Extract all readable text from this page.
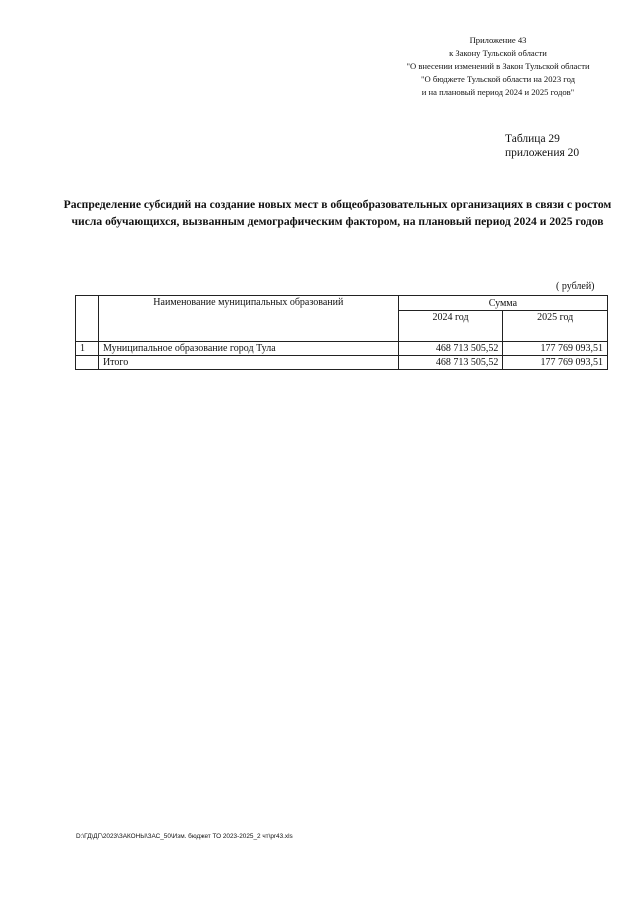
Приложение 43
к Закону Тульской области
"О внесении изменений в Закон Тульской области
"О бюджете Тульской области на 2023 год
и на плановый период 2024 и 2025 годов"
Таблица 29
приложения 20
Распределение субсидий на создание новых мест в общеобразовательных организациях в связи с ростом числа обучающихся, вызванным демографическим фактором, на плановый период 2024 и 2025 годов
( рублей)
	Наименование муниципальных образований	Сумма	
		2024 год	2025 год
1	Муниципальное образование город Тула	468 713 505,52	177 769 093,51
	Итого	468 713 505,52	177 769 093,51
D:\ГД\ДГ\2023\ЗАКОНЫ\ЗАС_50\Изм. бюджет ТО 2023-2025_2 чт\pr43.xls
